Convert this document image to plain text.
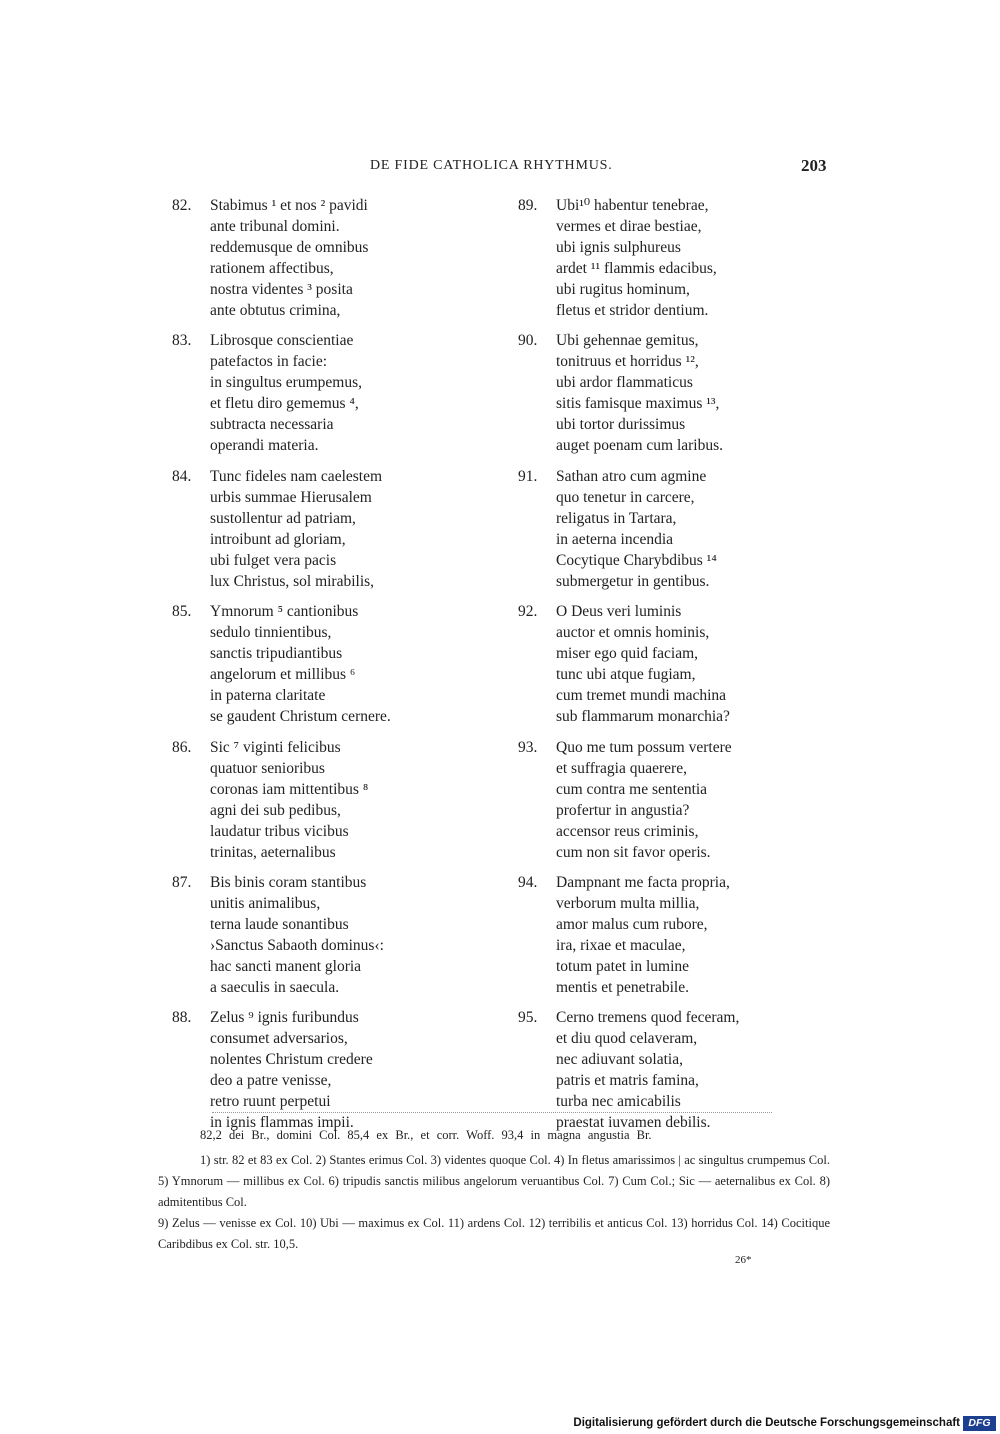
DE FIDE CATHOLICA RHYTHMUS.	203
82. Stabimus ¹ et nos ² pavidi
ante tribunal domini.
reddemusque de omnibus
rationem affectibus,
nostra videntes ³ posita
ante obtutus crimina,
83. Librosque conscientiae
patefactos in facie:
in singultus erumpemus,
et fletu diro gememus ⁴,
subtracta necessaria
operandi materia.
84. Tunc fideles nam caelestem
urbis summae Hierusalem
sustollentur ad patriam,
introibunt ad gloriam,
ubi fulget vera pacis
lux Christus, sol mirabilis,
85. Ymnorum ⁵ cantionibus
sedulo tinnientibus,
sanctis tripudiantibus
angelorum et millibus ⁶
in paterna claritate
se gaudent Christum cernere.
86. Sic ⁷ viginti felicibus
quatuor senioribus
coronas iam mittentibus ⁸
agni dei sub pedibus,
laudatur tribus vicibus
trinitas, aeternalibus
87. Bis binis coram stantibus
unitis animalibus,
terna laude sonantibus
›Sanctus Sabaoth dominus‹:
hac sancti manent gloria
a saeculis in saecula.
88. Zelus ⁹ ignis furibundus
consumet adversarios,
nolentes Christum credere
deo a patre venisse,
retro ruunt perpetui
in ignis flammas impii.
89. Ubi¹⁰ habentur tenebrae,
vermes et dirae bestiae,
ubi ignis sulphureus
ardet ¹¹ flammis edacibus,
ubi rugitus hominum,
fletus et stridor dentium.
90. Ubi gehennae gemitus,
tonitruus et horridus ¹²,
ubi ardor flammaticus
sitis famisque maximus ¹³,
ubi tortor durissimus
auget poenam cum laribus.
91. Sathan atro cum agmine
quo tenetur in carcere,
religatus in Tartara,
in aeterna incendia
Cocytique Charybdibus ¹⁴
submergetur in gentibus.
92. O Deus veri luminis
auctor et omnis hominis,
miser ego quid faciam,
tunc ubi atque fugiam,
cum tremet mundi machina
sub flammarum monarchia?
93. Quo me tum possum vertere
et suffragia quaerere,
cum contra me sententia
profertur in angustia?
accensor reus criminis,
cum non sit favor operis.
94. Dampnant me facta propria,
verborum multa millia,
amor malus cum rubore,
ira, rixae et maculae,
totum patet in lumine
mentis et penetrabile.
95. Cerno tremens quod feceram,
et diu quod celaveram,
nec adiuvant solatia,
patris et matris famina,
turba nec amicabilis
praestat iuvamen debilis.
82,2 dei Br., domini Col. 85,4 ex Br., et corr. Woff. 93,4 in magna angustia Br.
1) str. 82 et 83 ex Col. 2) Stantes erimus Col. 3) videntes quoque Col. 4) In fletus amarissimos | ac singultus crumpemus Col. 5) Ymnorum — millibus ex Col. 6) tripudis sanctis milibus angelorum veruantibus Col. 7) Cum Col.; Sic — aeternalibus ex Col. 8) admitentibus Col.
9) Zelus — venisse ex Col. 10) Ubi — maximus ex Col. 11) ardens Col. 12) terribilis et anticus Col. 13) horridus Col. 14) Cocitique Caribdibus ex Col. str. 10,5.
26*
Digitalisierung gefördert durch die Deutsche Forschungsgemeinschaft DFG
